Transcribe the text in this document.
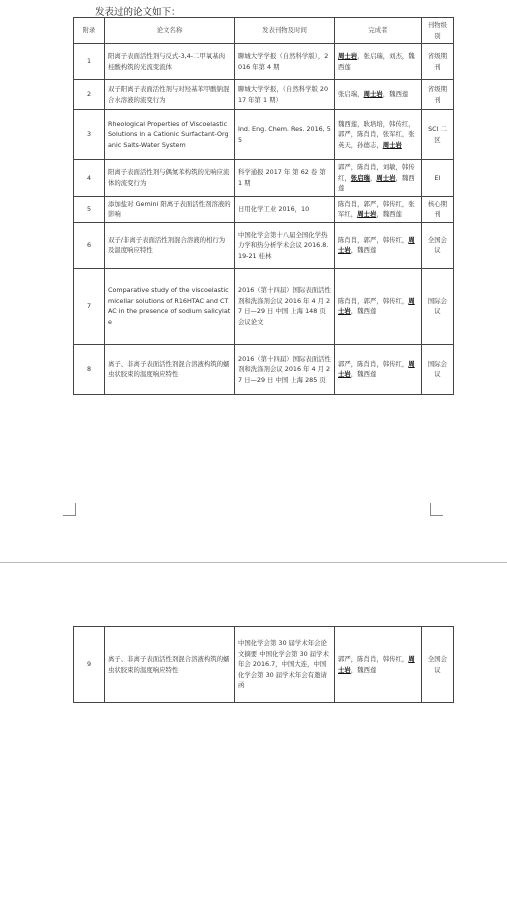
发表过的论文如下：
附录	论文名称	发表刊物及时间	完成者	刊物级别
1	阳离子表面活性剂与反式-3,4-二甲氧基肉桂酸构筑的光流变流体	聊城大学学报（自然科学版），2016 年第 4 期	周士岩，张启瑞，刘杰，魏西莲	省级期刊
2	双子阳离子表面活性剂与对羟基苯甲酸钠混合水溶液的流变行为	聊城大学学报，（自然科学版 2017 年第 1 期）	张启瑞，周士岩，魏西莲	省级期刊
3	Rheological Properties of Viscoelastic Solutions in a Cationic Surfactant-Organic Salts-Water System	Ind. Eng. Chem. Res. 2016, 55	魏西莲，耿培培，韩传红，郭严，陈肖肖，张军红，张英天，孙德志，周士岩	SCI 二区
4	阳离子表面活性剂与偶氮苯构筑的光响应流体的流变行为	科学通报 2017 年 第 62 卷 第 1 期	郭严，陈肖肖，刘敏，韩传红，张启瑞，周士岩，魏西莲	EI
5	添加盐对 Gemini 阳离子表面活性剂溶液的影响	日用化学工业 2016，10	陈肖肖，郭严，韩传红，张军红，周士岩，魏西莲	核心期刊
6	双子/非离子表面活性剂混合溶液的相行为及温度响应特性	中国化学会第十八届全国化学热力学和热分析学术会议 2016.8.19-21 桂林	陈肖肖，郭严，韩传红，周士岩，魏西莲	全国会议
7	Comparative study of the viscoelastic micellar solutions of R16HTAC and CTAC in the presence of sodium salicylate	2016（第十四届）国际表面活性剂和洗涤剂会议 2016 年 4 月 27 日—29 日 中国 上海 148 页 会议论文	陈肖肖，郭严，韩传红，周士岩，魏西莲	国际会议
8	离子、非离子表面活性剂混合溶液构筑的蠕虫状胶束的温度响应特性	2016（第十四届）国际表面活性剂和洗涤剂会议 2016 年 4 月 27 日—29 日 中国 上海 285 页	郭严，陈肖肖，韩传红，周士岩，魏西莲	国际会议
9	离子、非离子表面活性剂混合溶液构筑的蠕虫状胶束的温度响应特性	中国化学会第 30 届学术年会论文摘要 中国化学会第 30 届学术年会 2016.7，中国大连，中国化学会第 30 届学术年会有邀请函	郭严，陈肖肖，韩传红，周士岩，魏西莲	全国会议
